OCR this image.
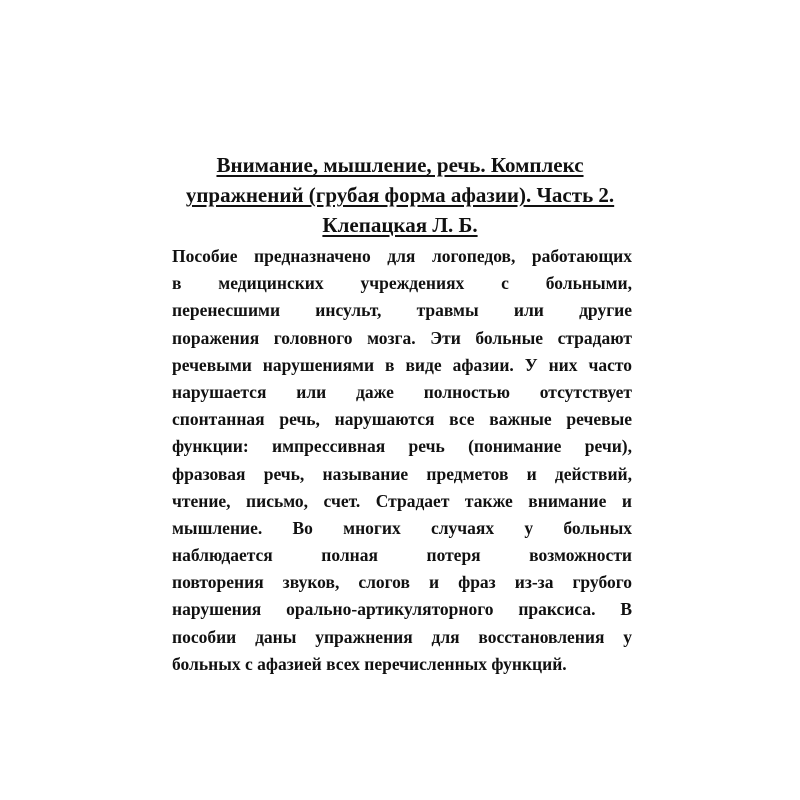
Внимание, мышление, речь. Комплекс
упражнений (грубая форма афазии). Часть 2.
Клепацкая Л. Б.
Пособие предназначено для логопедов, работающих
в медицинских учреждениях с больными,
перенесшими инсульт, травмы или другие
поражения головного мозга. Эти больные страдают
речевыми нарушениями в виде афазии. У них часто
нарушается или даже полностью отсутствует
спонтанная речь, нарушаются все важные речевые
функции: импрессивная речь (понимание речи),
фразовая речь, называние предметов и действий,
чтение, письмо, счет. Страдает также внимание и
мышление. Во многих случаях у больных
наблюдается полная потеря возможности
повторения звуков, слогов и фраз из-за грубого
нарушения орально-артикуляторного праксиса. В
пособии даны упражнения для восстановления у
больных с афазией всех перечисленных функций.
